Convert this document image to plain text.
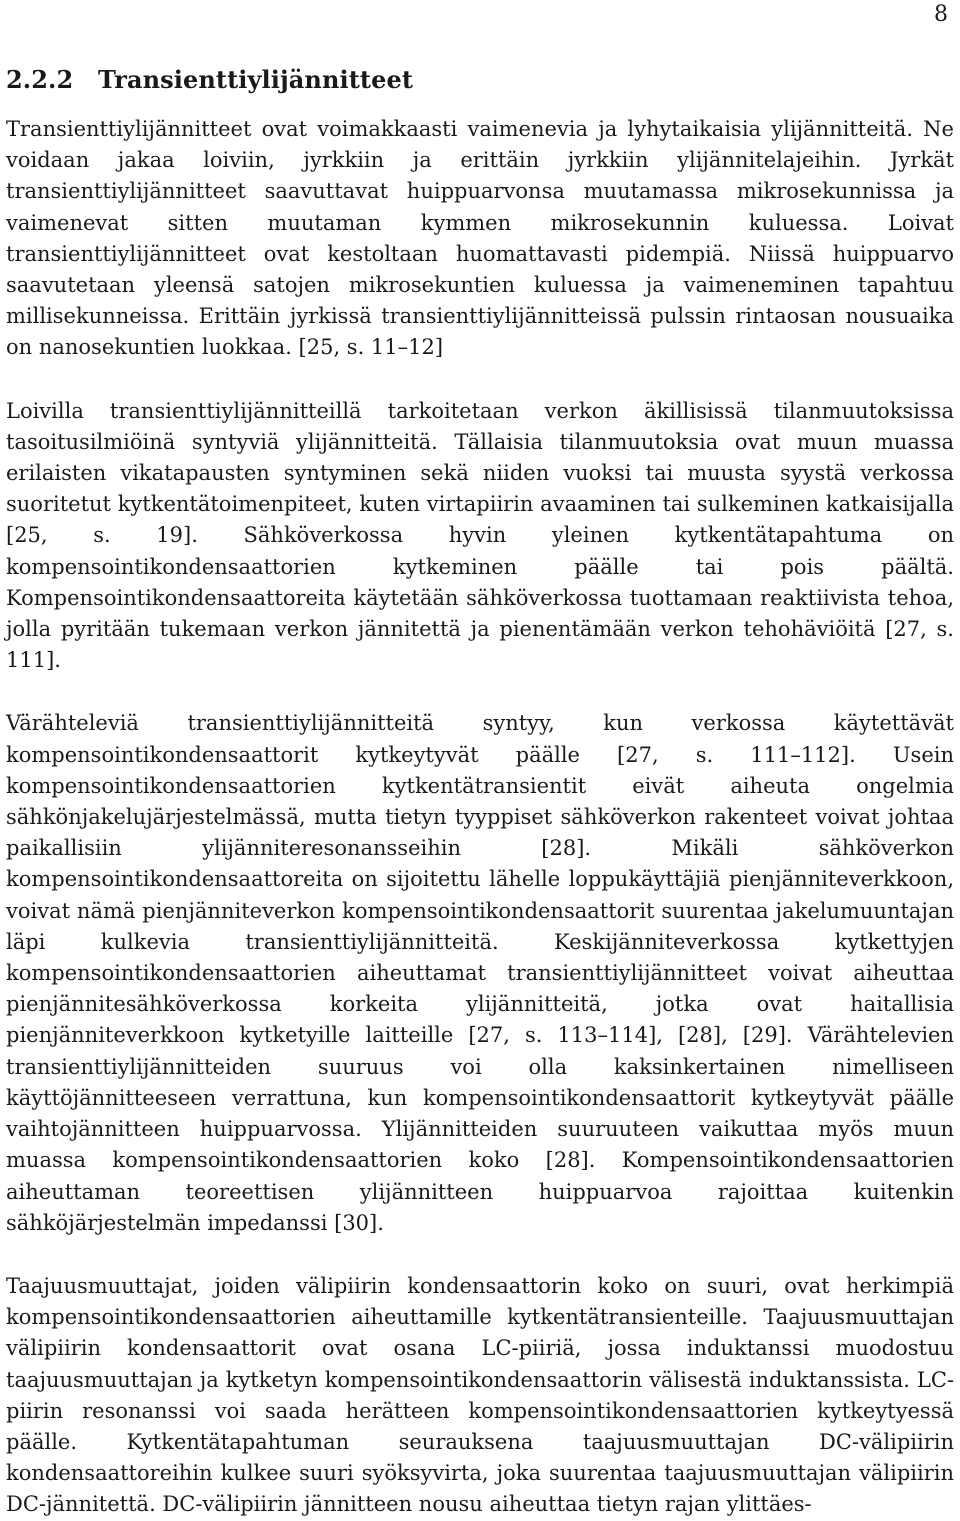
8
2.2.2 Transienttiylijännitteet

Transienttiylijännitteet ovat voimakkaasti vaimenevia ja lyhytaikaisia ylijännitteitä. Ne voidaan jakaa loiviin, jyrkkiin ja erittäin jyrkkiin ylijännitelajeihin. Jyrkät transienttiylijännitteet saavuttavat huippuarvonsa muutamassa mikrosekunnissa ja vaimenevat sitten muutaman kymmen mikrosekunnin kuluessa. Loivat transienttiylijännitteet ovat kestoltaan huomattavasti pidempiä. Niissä huippuarvo saavutetaan yleensä satojen mikrosekuntien kuluessa ja vaimeneminen tapahtuu millisekunneissa. Erittäin jyrkissä transienttiylijännitteissä pulssin rintaosan nousuaika on nanosekuntien luokkaa. [25, s. 11–12]

Loivilla transienttiylijännitteillä tarkoitetaan verkon äkillisissä tilanmuutoksissa tasoitusilmiöinä syntyviä ylijännitteitä. Tällaisia tilanmuutoksia ovat muun muassa erilaisten vikatapausten syntyminen sekä niiden vuoksi tai muusta syystä verkossa suoritetut kytkentätoimenpiteet, kuten virtapiirin avaaminen tai sulkeminen katkaisijalla [25, s. 19]. Sähköverkossa hyvin yleinen kytkentätapahtuma on kompensointikondensaattorien kytkeminen päälle tai pois päältä. Kompensointikondensaattoreita käytetään sähköverkossa tuottamaan reaktiivista tehoa, jolla pyritään tukemaan verkon jännitettä ja pienentämään verkon tehohäviöitä [27, s. 111].

Värähteleviä transienttiylijännitteitä syntyy, kun verkossa käytettävät kompensointikondensaattorit kytkeytyvät päälle [27, s. 111–112]. Usein kompensointikondensaattorien kytkentätransientit eivät aiheuta ongelmia sähkönjakelujärjestelmässä, mutta tietyn tyyppiset sähköverkon rakenteet voivat johtaa paikallisiin ylijänniteresonansseihin [28]. Mikäli sähköverkon kompensointikondensaattoreita on sijoitettu lähelle loppukäyttäjiä pienjänniteverkkoon, voivat nämä pienjänniteverkon kompensointikondensaattorit suurentaa jakelumuuntajan läpi kulkevia transienttiylijännitteitä. Keskijänniteverkossa kytkettyjen kompensointikondensaattorien aiheuttamat transienttiylijännitteet voivat aiheuttaa pienjännitesähköverkossa korkeita ylijännitteitä, jotka ovat haitallisia pienjänniteverkkoon kytketyille laitteille [27, s. 113–114], [28], [29]. Värähtelevien transienttiylijännitteiden suuruus voi olla kaksinkertainen nimelliseen käyttöjännitteeseen verrattuna, kun kompensointikondensaattorit kytkeytyvät päälle vaihtojännitteen huippuarvossa. Ylijännitteiden suuruuteen vaikuttaa myös muun muassa kompensointikondensaattorien koko [28]. Kompensointikondensaattorien aiheuttaman teoreettisen ylijännitteen huippuarvoa rajoittaa kuitenkin sähköjärjestelmän impedanssi [30].

Taajuusmuuttajat, joiden välipiirin kondensaattorin koko on suuri, ovat herkimpiä kompensointikondensaattorien aiheuttamille kytkentätransienteille. Taajuusmuuttajan välipiirin kondensaattorit ovat osana LC-piiriä, jossa induktanssi muodostuu taajuusmuuttajan ja kytketyn kompensointikondensaattorin välisestä induktanssista. LC-piirin resonanssi voi saada herätteen kompensointikondensaattorien kytkeytyessä päälle. Kytkentätapahtuman seurauksena taajuusmuuttajan DC-välipiirin kondensaattoreihin kulkee suuri syöksyvirta, joka suurentaa taajuusmuuttajan välipiirin DC-jännitettä. DC-välipiirin jännitteen nousu aiheuttaa tietyn rajan ylittäes-
